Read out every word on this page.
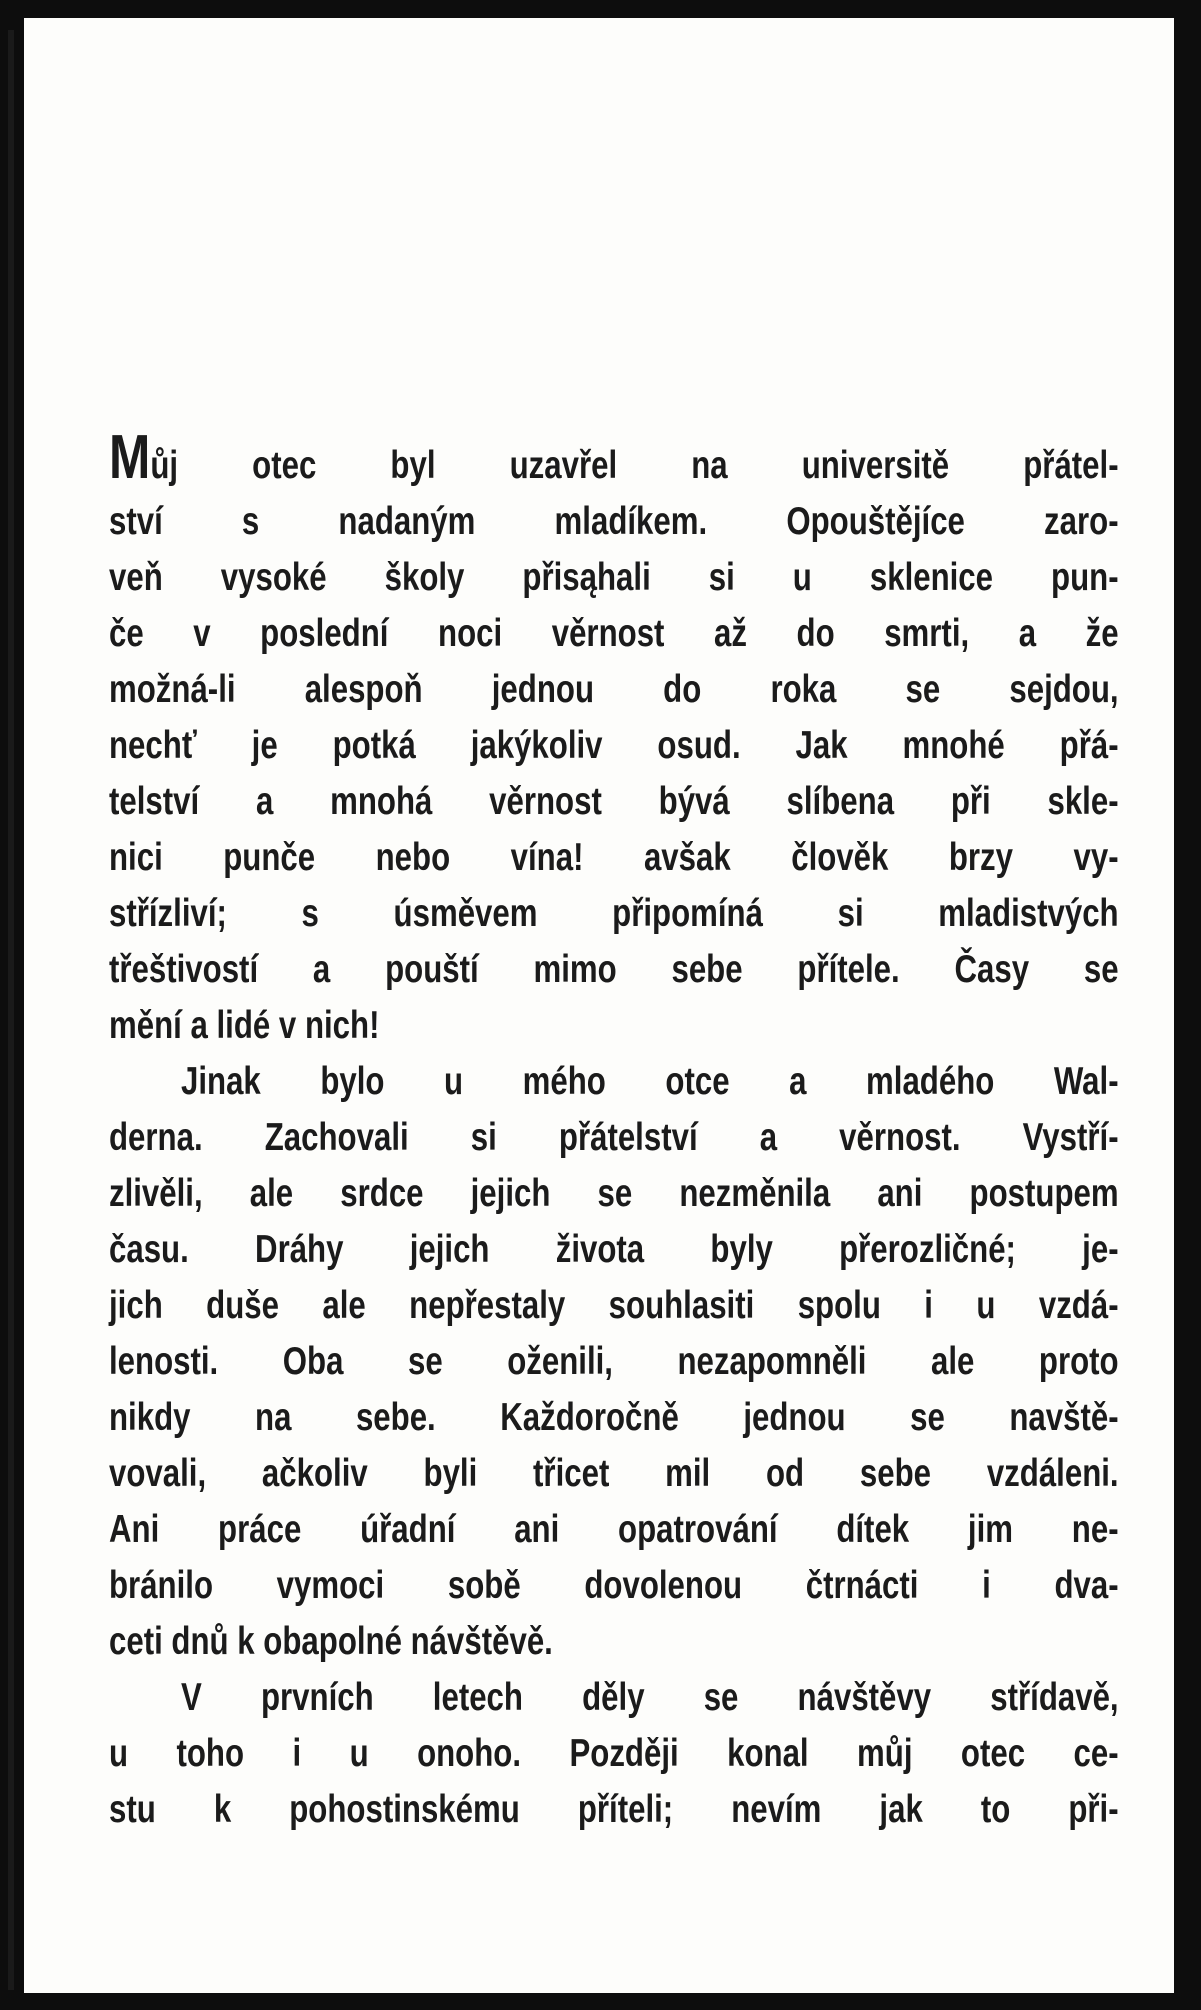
Můj otec byl uzavřel na universitě přátel-
ství s nadaným mladíkem. Opouštějíce zaro-
veň vysoké školy přisąhali si u sklenice pun-
če v poslední noci věrnost až do smrti, a že
možná-li alespoň jednou do roka se sejdou,
nechť je potká jakýkoliv osud. Jak mnohé přá-
telství a mnohá věrnost bývá slíbena při skle-
nici punče nebo vína! avšak člověk brzy vy-
střízliví; s úsměvem připomíná si mladistvých
třeštivostí a pouští mimo sebe přítele. Časy se
mění a lidé v nich!
Jinak bylo u mého otce a mladého Wal-
derna. Zachovali si přátelství a věrnost. Vystří-
zlivěli, ale srdce jejich se nezměnila ani postupem
času. Dráhy jejich života byly přerozličné; je-
jich duše ale nepřestaly souhlasiti spolu i u vzdá-
lenosti. Oba se oženili, nezapomněli ale proto
nikdy na sebe. Každoročně jednou se navště-
vovali, ačkoliv byli třicet mil od sebe vzdáleni.
Ani práce úřadní ani opatrování dítek jim ne-
bránilo vymoci sobě dovolenou čtrnácti i dva-
ceti dnů k obapolné návštěvě.
V prvních letech děly se návštěvy střídavě,
u toho i u onoho. Později konal můj otec ce-
stu k pohostinskému příteli; nevím jak to při-
